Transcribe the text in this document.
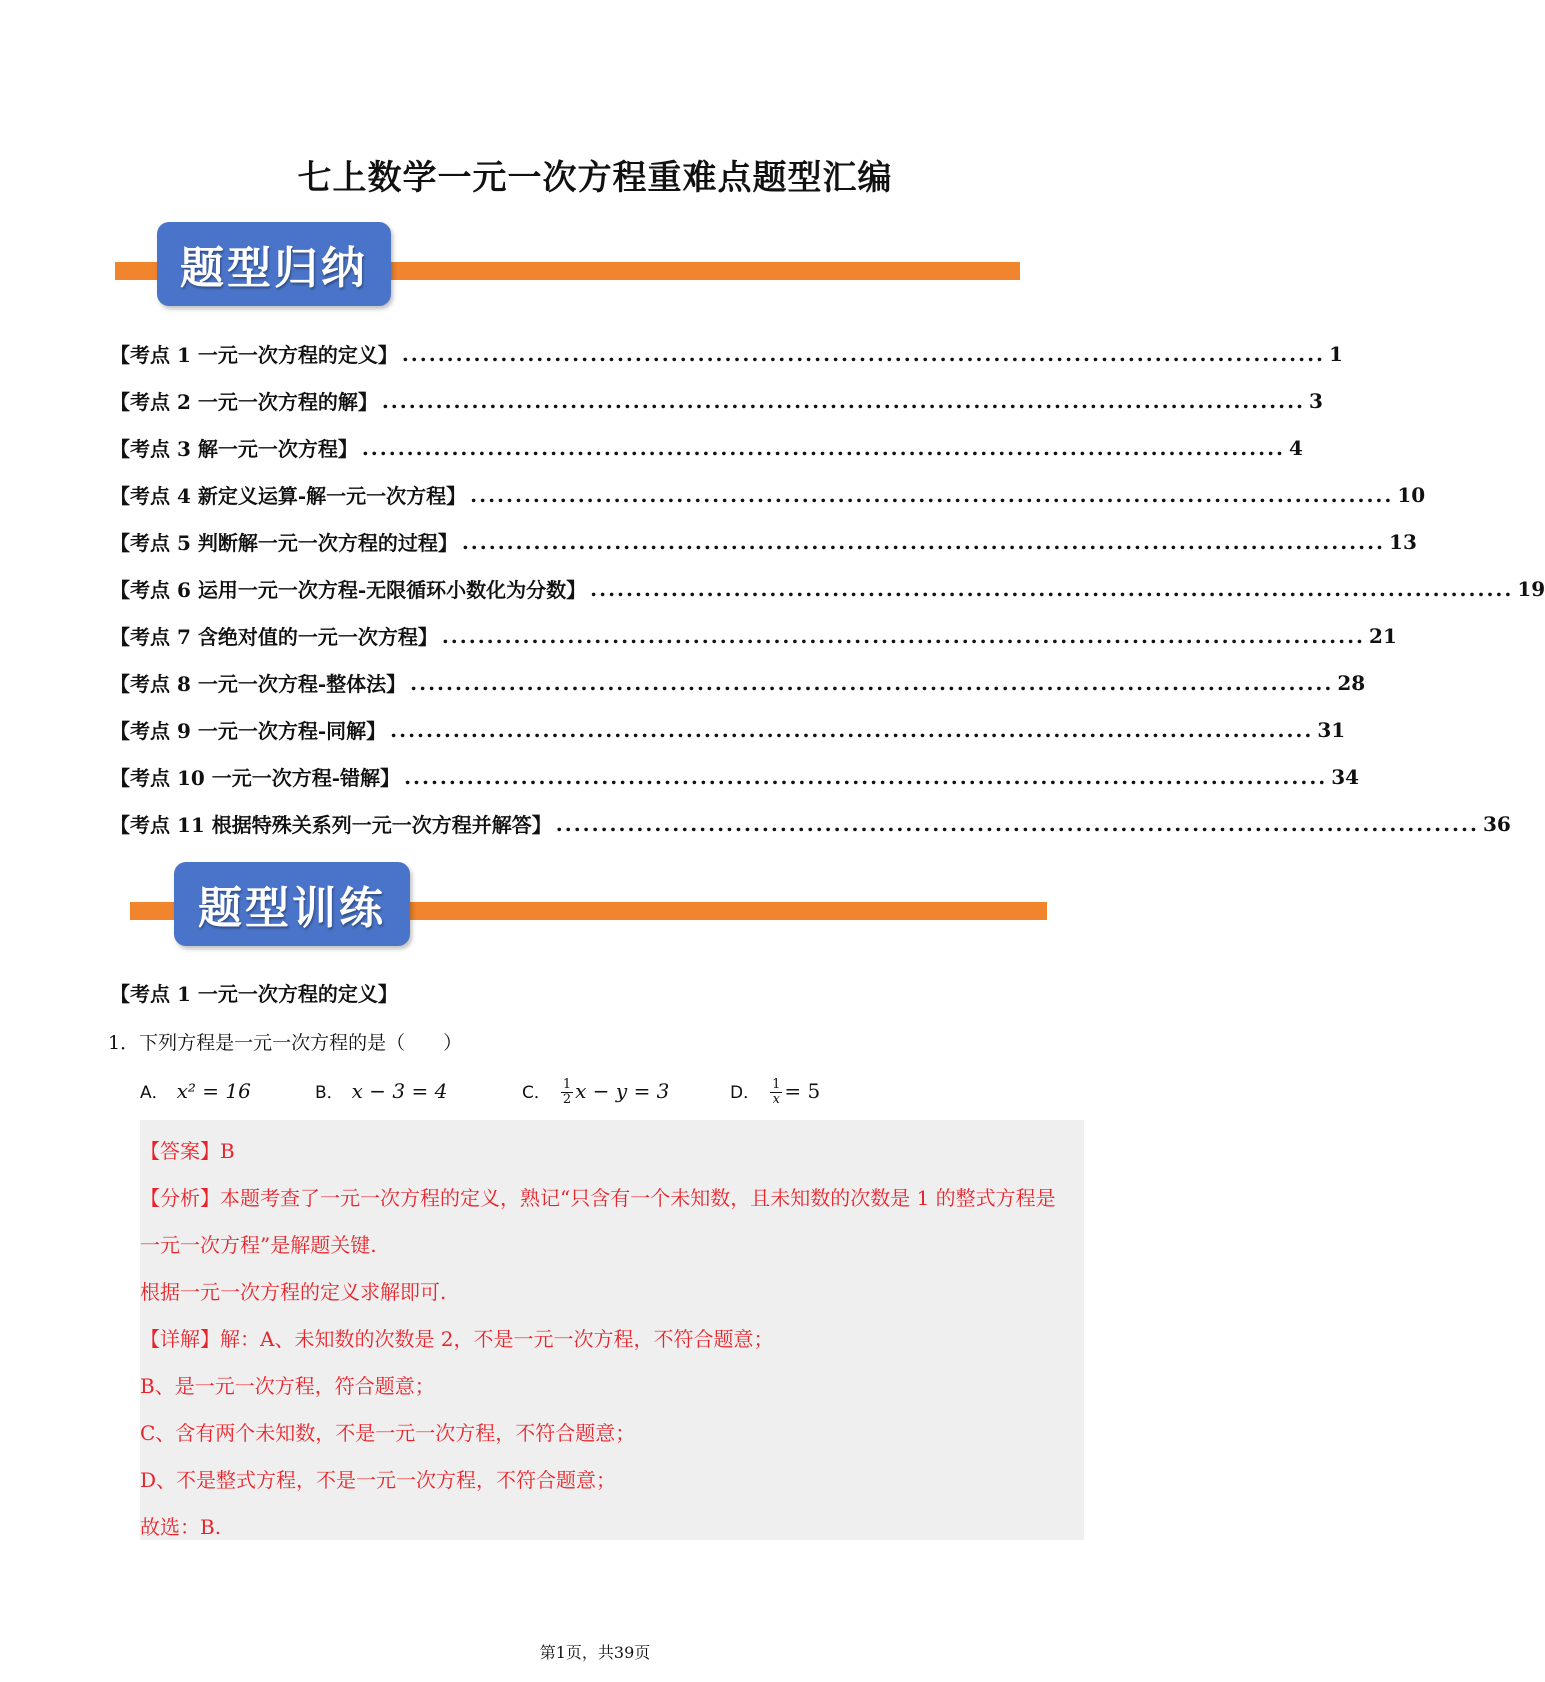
七上数学一元一次方程重难点题型汇编
题型归纳
【考点 1 一元一次方程的定义】 ....................................................................................................... 1
【考点 2 一元一次方程的解】 ....................................................................................................... 3
【考点 3 解一元一次方程】 ....................................................................................................... 4
【考点 4 新定义运算-解一元一次方程】 ....................................................................................................... 10
【考点 5 判断解一元一次方程的过程】 ....................................................................................................... 13
【考点 6 运用一元一次方程-无限循环小数化为分数】 ....................................................................................................... 19
【考点 7 含绝对值的一元一次方程】 ....................................................................................................... 21
【考点 8 一元一次方程-整体法】 ....................................................................................................... 28
【考点 9 一元一次方程-同解】 ....................................................................................................... 31
【考点 10 一元一次方程-错解】 ....................................................................................................... 34
【考点 11 根据特殊关系列一元一次方程并解答】 ....................................................................................................... 36
题型训练
【考点 1 一元一次方程的定义】
1．下列方程是一元一次方程的是（　　）
A． x² = 16	B． x − 3 = 4	C． $\frac{1}{2}$ x − y = 3	D． $\frac{1}{x} = 5$
【答案】B
【分析】本题考查了一元一次方程的定义，熟记“只含有一个未知数，且未知数的次数是 1 的整式方程是
一元一次方程”是解题关键.
根据一元一次方程的定义求解即可.
【详解】解：A、未知数的次数是 2，不是一元一次方程，不符合题意；
B、是一元一次方程，符合题意；
C、含有两个未知数，不是一元一次方程，不符合题意；
D、不是整式方程，不是一元一次方程，不符合题意；
故选：B.
第1页，共39页
